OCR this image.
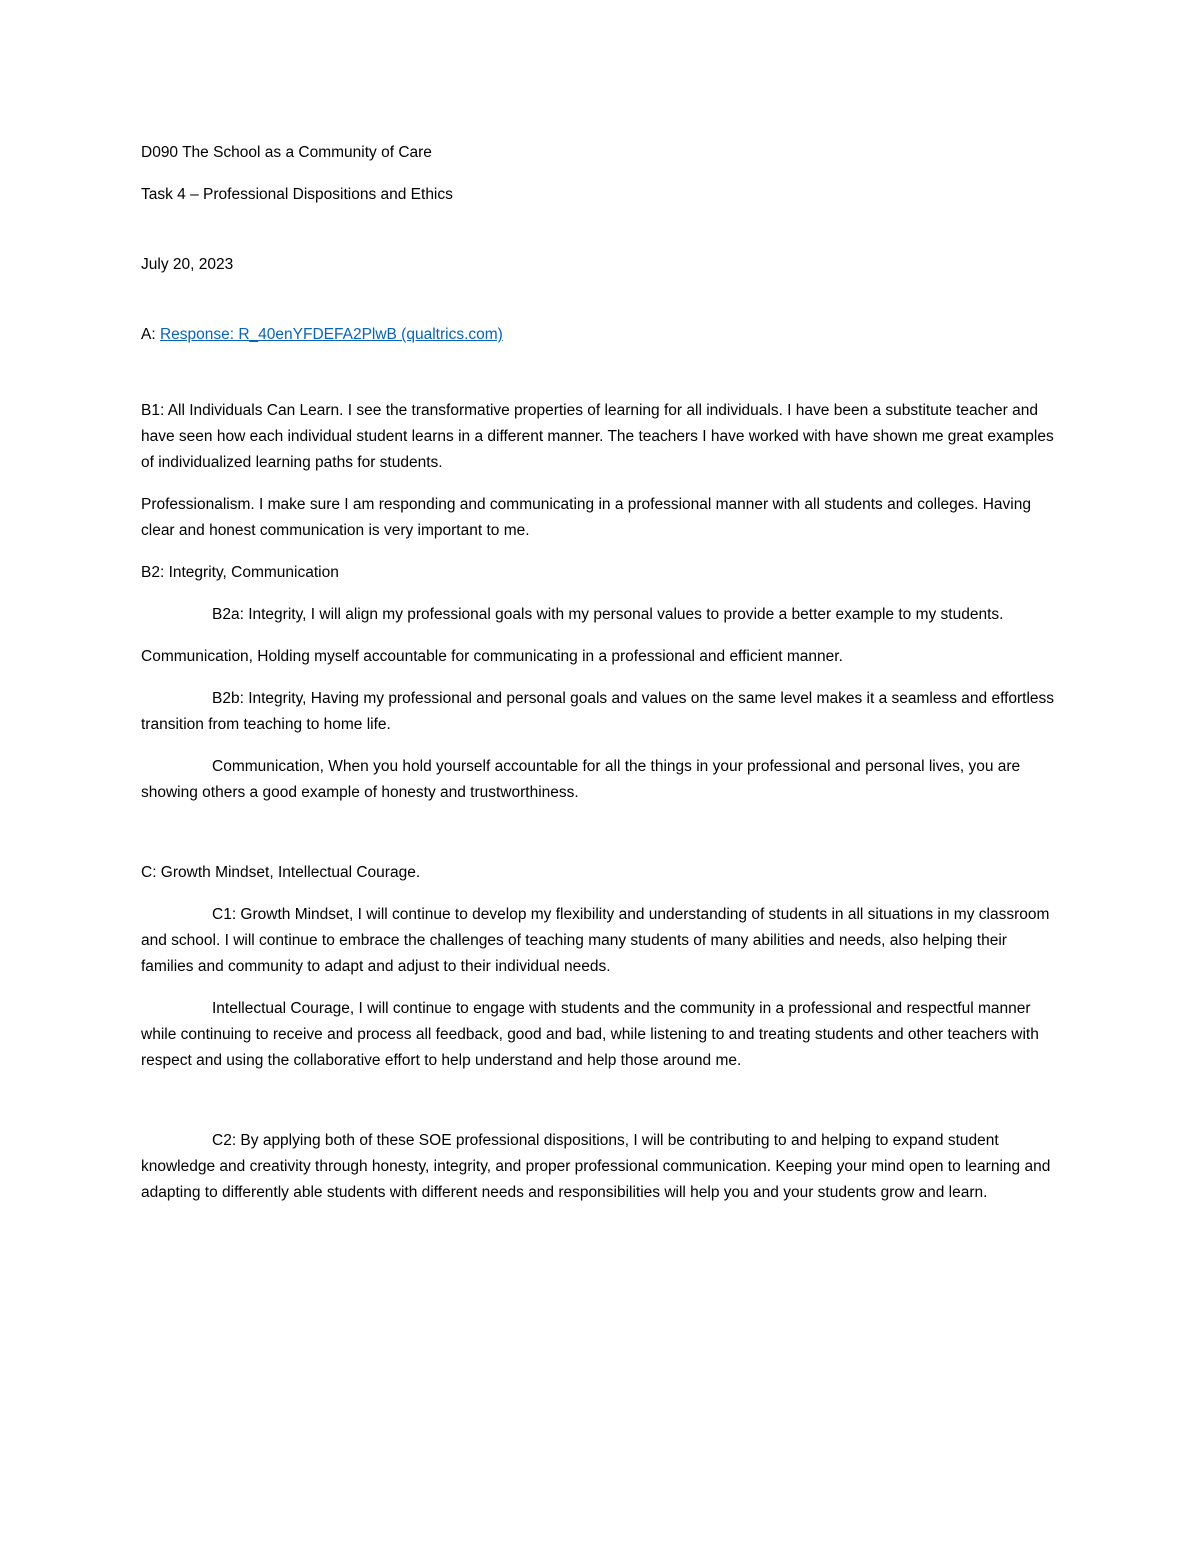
D090 The School as a Community of Care

Task 4 – Professional Dispositions and Ethics

July 20, 2023

A: Response: R_40enYFDEFA2PlwB (qualtrics.com)

B1: All Individuals Can Learn. I see the transformative properties of learning for all individuals. I have been a substitute teacher and have seen how each individual student learns in a different manner. The teachers I have worked with have shown me great examples of individualized learning paths for students.

Professionalism. I make sure I am responding and communicating in a professional manner with all students and colleges. Having clear and honest communication is very important to me.

B2: Integrity, Communication

B2a: Integrity, I will align my professional goals with my personal values to provide a better example to my students.

Communication, Holding myself accountable for communicating in a professional and efficient manner.

B2b: Integrity, Having my professional and personal goals and values on the same level makes it a seamless and effortless transition from teaching to home life.

Communication, When you hold yourself accountable for all the things in your professional and personal lives, you are showing others a good example of honesty and trustworthiness.

C: Growth Mindset, Intellectual Courage.

C1: Growth Mindset, I will continue to develop my flexibility and understanding of students in all situations in my classroom and school. I will continue to embrace the challenges of teaching many students of many abilities and needs, also helping their families and community to adapt and adjust to their individual needs.

Intellectual Courage, I will continue to engage with students and the community in a professional and respectful manner while continuing to receive and process all feedback, good and bad, while listening to and treating students and other teachers with respect and using the collaborative effort to help understand and help those around me.

C2: By applying both of these SOE professional dispositions, I will be contributing to and helping to expand student knowledge and creativity through honesty, integrity, and proper professional communication. Keeping your mind open to learning and adapting to differently able students with different needs and responsibilities will help you and your students grow and learn.
